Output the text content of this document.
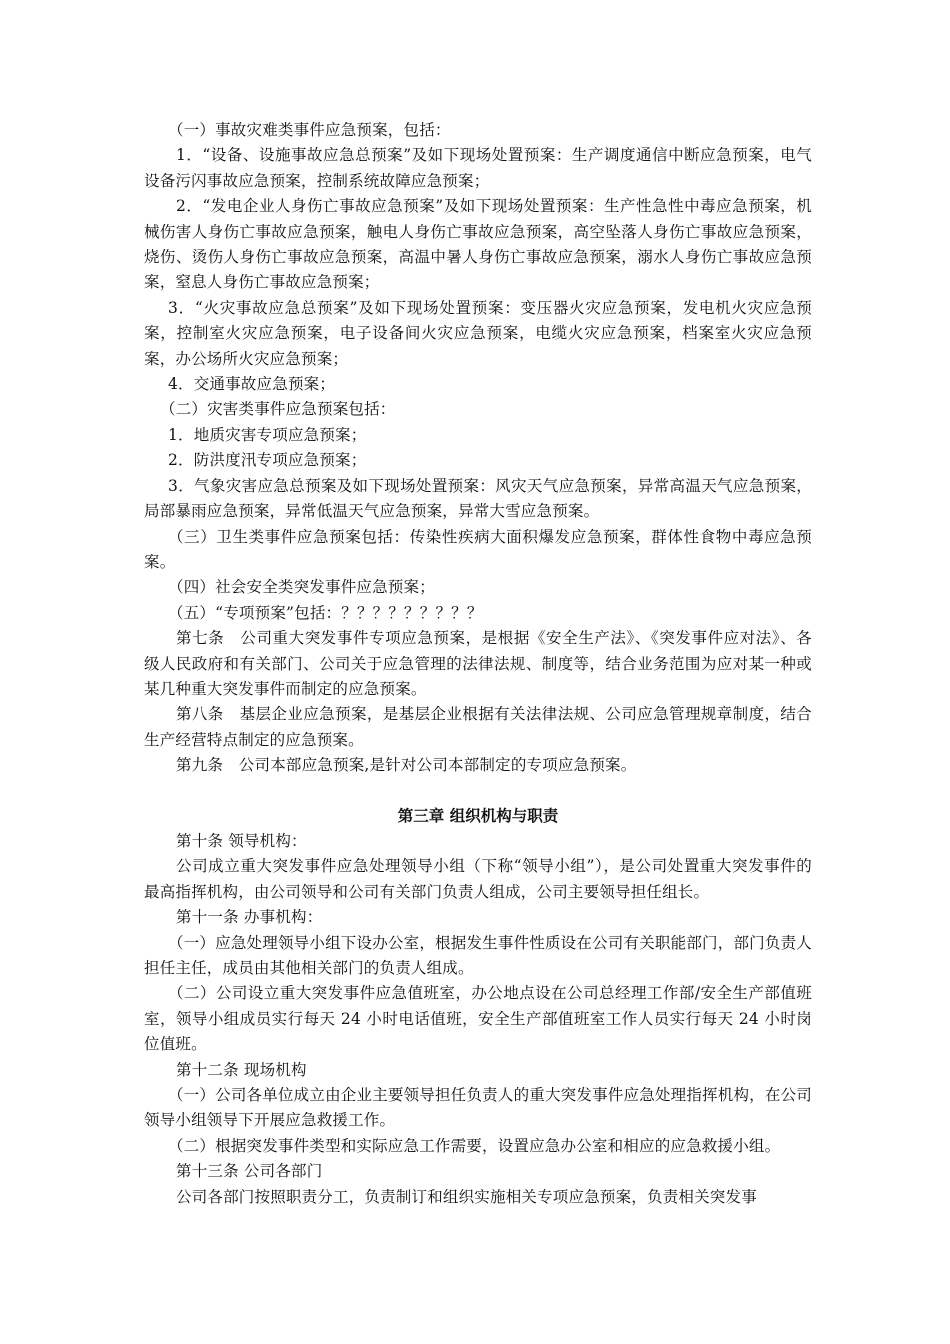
（一）事故灾难类事件应急预案，包括：

1．“设备、设施事故应急总预案”及如下现场处置预案：生产调度通信中断应急预案，电气设备污闪事故应急预案，控制系统故障应急预案；

2．“发电企业人身伤亡事故应急预案”及如下现场处置预案：生产性急性中毒应急预案，机械伤害人身伤亡事故应急预案，触电人身伤亡事故应急预案，高空坠落人身伤亡事故应急预案，烧伤、烫伤人身伤亡事故应急预案，高温中暑人身伤亡事故应急预案，溺水人身伤亡事故应急预案，窒息人身伤亡事故应急预案；

3．“火灾事故应急总预案”及如下现场处置预案：变压器火灾应急预案，发电机火灾应急预案，控制室火灾应急预案，电子设备间火灾应急预案，电缆火灾应急预案，档案室火灾应急预案，办公场所火灾应急预案；

4．交通事故应急预案；

（二）灾害类事件应急预案包括：

1．地质灾害专项应急预案；

2．防洪度汛专项应急预案；

3．气象灾害应急总预案及如下现场处置预案：风灾天气应急预案，异常高温天气应急预案，局部暴雨应急预案，异常低温天气应急预案，异常大雪应急预案。

（三）卫生类事件应急预案包括：传染性疾病大面积爆发应急预案，群体性食物中毒应急预案。

（四）社会安全类突发事件应急预案；

（五）“专项预案”包括：？？？？？？？？？

第七条　公司重大突发事件专项应急预案，是根据《安全生产法》、《突发事件应对法》、各级人民政府和有关部门、公司关于应急管理的法律法规、制度等，结合业务范围为应对某一种或某几种重大突发事件而制定的应急预案。

第八条　基层企业应急预案，是基层企业根据有关法律法规、公司应急管理规章制度，结合生产经营特点制定的应急预案。

第九条　公司本部应急预案,是针对公司本部制定的专项应急预案。

第三章 组织机构与职责

第十条 领导机构：

公司成立重大突发事件应急处理领导小组（下称“领导小组”），是公司处置重大突发事件的最高指挥机构，由公司领导和公司有关部门负责人组成，公司主要领导担任组长。

第十一条 办事机构：

（一）应急处理领导小组下设办公室，根据发生事件性质设在公司有关职能部门，部门负责人担任主任，成员由其他相关部门的负责人组成。

（二）公司设立重大突发事件应急值班室，办公地点设在公司总经理工作部/安全生产部值班室，领导小组成员实行每天 24 小时电话值班，安全生产部值班室工作人员实行每天 24 小时岗位值班。

第十二条 现场机构

（一）公司各单位成立由企业主要领导担任负责人的重大突发事件应急处理指挥机构，在公司领导小组领导下开展应急救援工作。

（二）根据突发事件类型和实际应急工作需要，设置应急办公室和相应的应急救援小组。

第十三条 公司各部门

公司各部门按照职责分工，负责制订和组织实施相关专项应急预案，负责相关突发事
